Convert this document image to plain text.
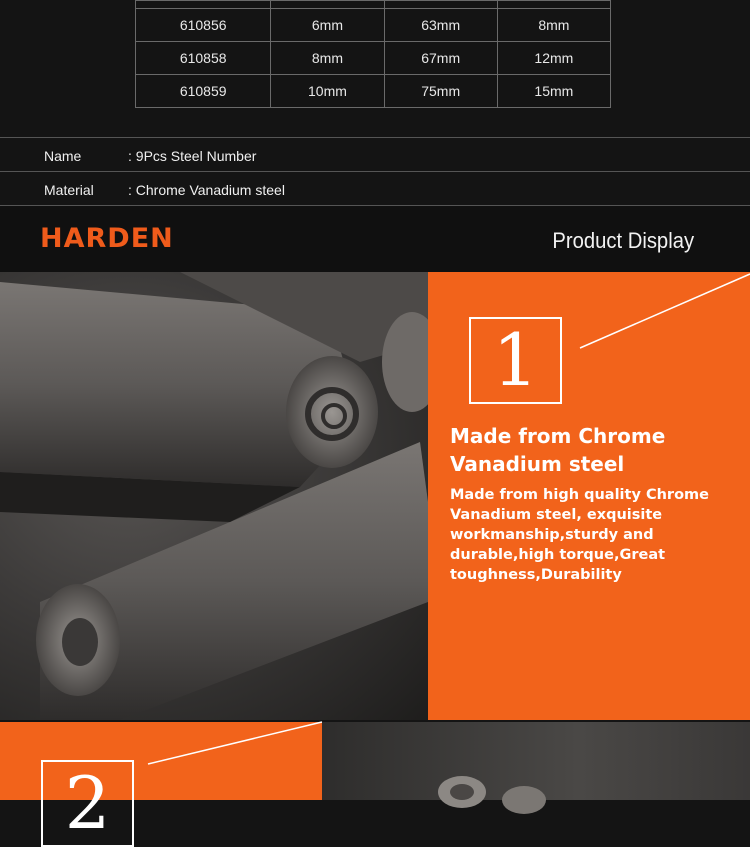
610856	6mm	63mm	8mm
610858	8mm	67mm	12mm
610859	10mm	75mm	15mm
Name	: 9Pcs Steel Number
Material : Chrome Vanadium steel
HARDEN	Product Display
1
Made from Chrome Vanadium steel
Made from high quality Chrome Vanadium steel, exquisite workmanship,sturdy and durable,high torque,Great toughness,Durability
2
